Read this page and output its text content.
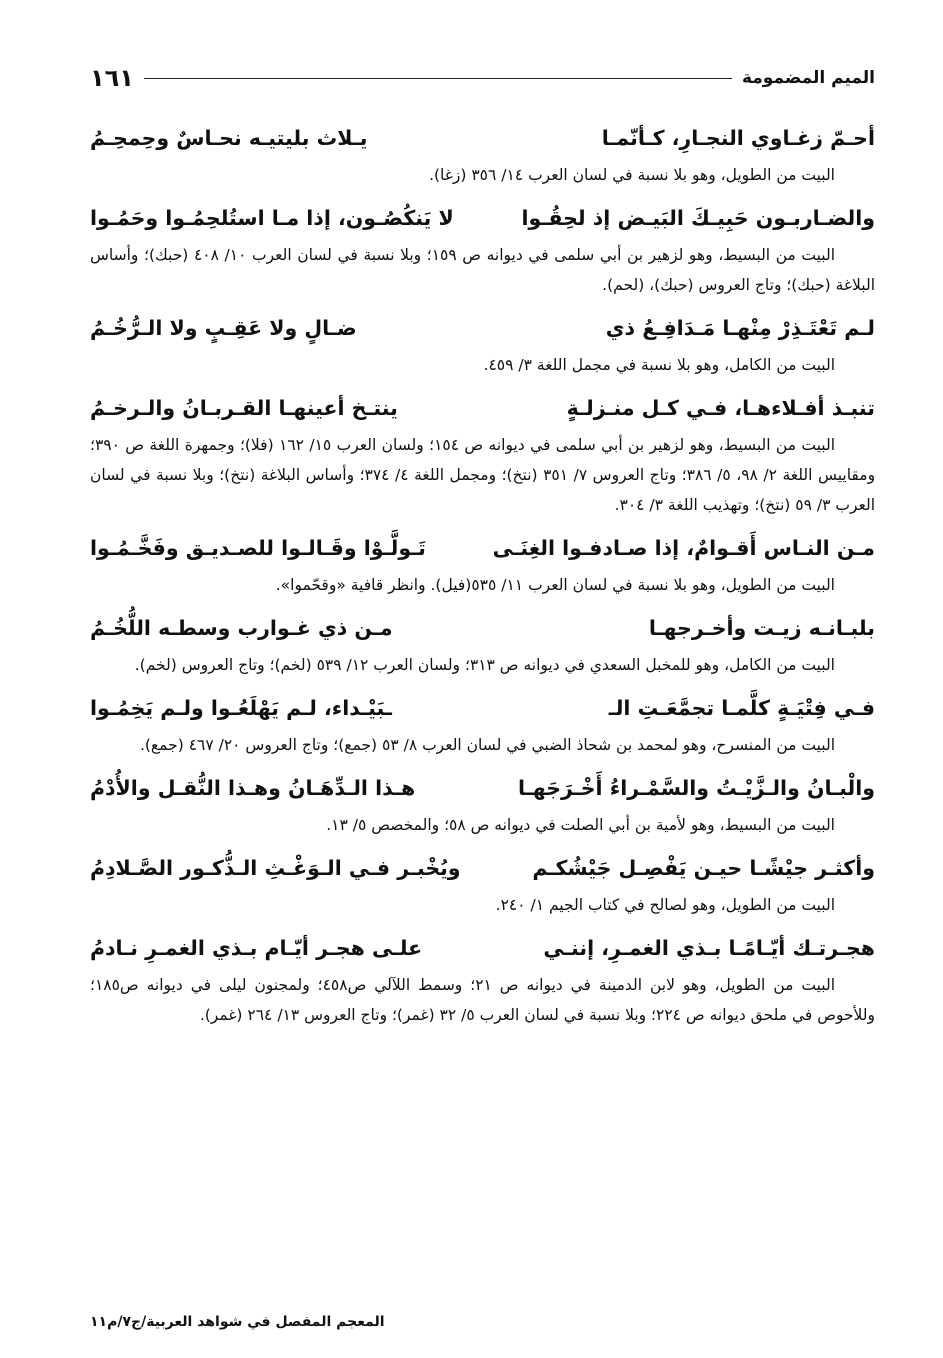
الميم المضمومة
١٦١
أحـمّ زغـاوي النجـارِ، كـأنّمـا
يـلاث بليتيـه نحـاسٌ وحِمحِـمُ

البيت من الطويل، وهو بلا نسبة في لسان العرب ١٤/ ٣٥٦ (زغا).

والضـاربـون حَبِيـكَ البَيـض إذ لحِقُـوا
لا يَنكُصُـون، إذا مـا استُلحِمُـوا وحَمُـوا

البيت من البسيط، وهو لزهير بن أبي سلمى في ديوانه ص ١٥٩؛ وبلا نسبة في لسان العرب ١٠/ ٤٠٨ (حبك)؛ وأساس البلاغة (حبك)؛ وتاج العروس (حبك)، (لحم).

لـم تَعْتَـذِرْ مِنْهـا مَـدَافِـعُ ذي
ضـالٍ ولا عَقِـبٍ ولا الـرُّخُـمُ

البيت من الكامل، وهو بلا نسبة في مجمل اللغة ٣/ ٤٥٩.

تنبـذ أفـلاءهـا، فـي كـل منـزلـةٍ
ينتـخ أعينهـا القـربـانُ والـرخـمُ

البيت من البسيط، وهو لزهير بن أبي سلمى في ديوانه ص ١٥٤؛ ولسان العرب ١٥/ ١٦٢ (فلا)؛ وجمهرة اللغة ص ٣٩٠؛ ومقاييس اللغة ٢/ ٩٨، ٥/ ٣٨٦؛ وتاج العروس ٧/ ٣٥١ (نتخ)؛ ومجمل اللغة ٤/ ٣٧٤؛ وأساس البلاغة (نتخ)؛ وبلا نسبة في لسان العرب ٣/ ٥٩ (نتخ)؛ وتهذيب اللغة ٣/ ٣٠٤.

مـن النـاس أَقـوامٌ، إذا صـادفـوا الغِنَـى
تَـولَّـوْا وقَـالـوا للصـديـق وفَخَّـمُـوا

البيت من الطويل، وهو بلا نسبة في لسان العرب ١١/ ٥٣٥(فيل). وانظر قافية «وقحّموا».

بلبـانـه زيـت وأخـرجهـا
مـن ذي غـوارب وسطـه اللُّخُـمُ

البيت من الكامل، وهو للمخبل السعدي في ديوانه ص ٣١٣؛ ولسان العرب ١٢/ ٥٣٩ (لخم)؛ وتاج العروس (لخم).

فـي فِتْيَـةٍ كلَّمـا تجمَّعَـتِ الـ
ـبَيْـداء، لـم يَهْلَعُـوا ولـم يَخِمُـوا

البيت من المنسرح، وهو لمحمد بن شحاذ الضبي في لسان العرب ٨/ ٥٣ (جمع)؛ وتاج العروس ٢٠/ ٤٦٧ (جمع).

والْبـانُ والـزَّيْـتُ والسَّمْـراءُ أَخْـرَجَهـا
هـذا الـدِّهَـانُ وهـذا النُّقـل والأُدْمُ

البيت من البسيط، وهو لأمية بن أبي الصلت في ديوانه ص ٥٨؛ والمخصص ٥/ ١٣.

وأكثـر جيْشًـا حيـن يَفْصِـل جَيْشُكـم
ويُخْبـر فـي الـوَغْـثِ الـذُّكـور الصَّـلادِمُ

البيت من الطويل، وهو لصالح في كتاب الجيم ١/ ٢٤٠.

هجـرتـك أيّـامًـا بـذي الغمـرِ، إننـي
علـى هجـر أيّـام بـذي الغمـرِ نـادمُ

البيت من الطويل، وهو لابن الدمينة في ديوانه ص ٢١؛ وسمط اللآلي ص٤٥٨؛ ولمجنون ليلى في ديوانه ص١٨٥؛ وللأحوص في ملحق ديوانه ص ٢٢٤؛ وبلا نسبة في لسان العرب ٥/ ٣٢ (غمر)؛ وتاج العروس ١٣/ ٢٦٤ (غمر).

المعجم المفصل في شواهد العربية/ج٧/م١١
